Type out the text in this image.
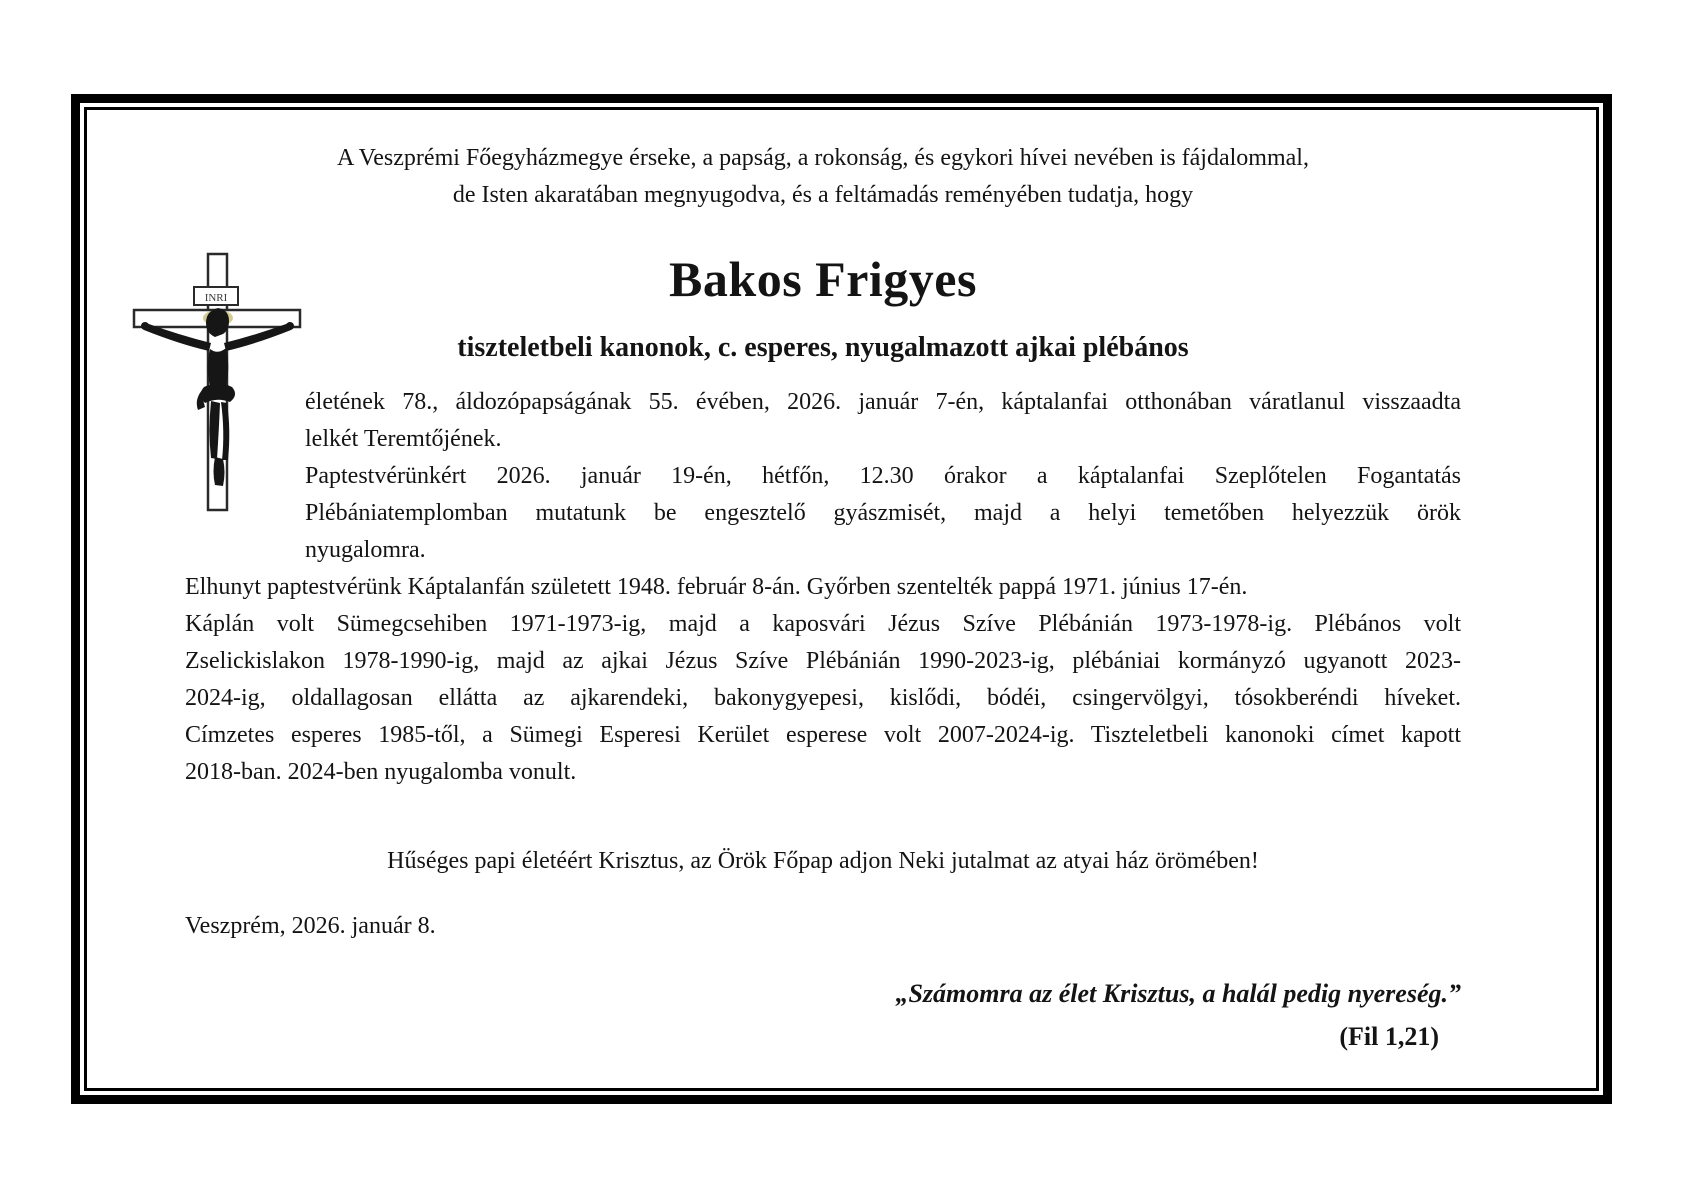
A Veszprémi Főegyházmegye érseke, a papság, a rokonság, és egykori hívei nevében is fájdalommal,
de Isten akaratában megnyugodva, és a feltámadás reményében tudatja, hogy

INRI	Bakos Frigyes
tiszteletbeli kanonok, c. esperes, nyugalmazott ajkai plébános
életének 78., áldozópapságának 55. évében, 2026. január 7-én, káptalanfai otthonában váratlanul visszaadta
lelkét Teremtőjének.
Paptestvérünkért 2026. január 19-én, hétfőn, 12.30 órakor a káptalanfai Szeplőtelen Fogantatás
Plébániatemplomban mutatunk be engesztelő gyászmisét, majd a helyi temetőben helyezzük örök
nyugalomra.
Elhunyt paptestvérünk Káptalanfán született 1948. február 8-án. Győrben szentelték pappá 1971. június 17-én.
Káplán volt Sümegcsehiben 1971-1973-ig, majd a kaposvári Jézus Szíve Plébánián 1973-1978-ig. Plébános volt
Zselickislakon 1978-1990-ig, majd az ajkai Jézus Szíve Plébánián 1990-2023-ig, plébániai kormányzó ugyanott 2023-
2024-ig, oldallagosan ellátta az ajkarendeki, bakonygyepesi, kislődi, bódéi, csingervölgyi, tósokberéndi híveket.
Címzetes esperes 1985-től, a Sümegi Esperesi Kerület esperese volt 2007-2024-ig. Tiszteletbeli kanonoki címet kapott
2018-ban. 2024-ben nyugalomba vonult.

Hűséges papi életéért Krisztus, az Örök Főpap adjon Neki jutalmat az atyai ház örömében!

Veszprém, 2026. január 8.

„Számomra az élet Krisztus, a halál pedig nyereség.”

(Fil 1,21)
